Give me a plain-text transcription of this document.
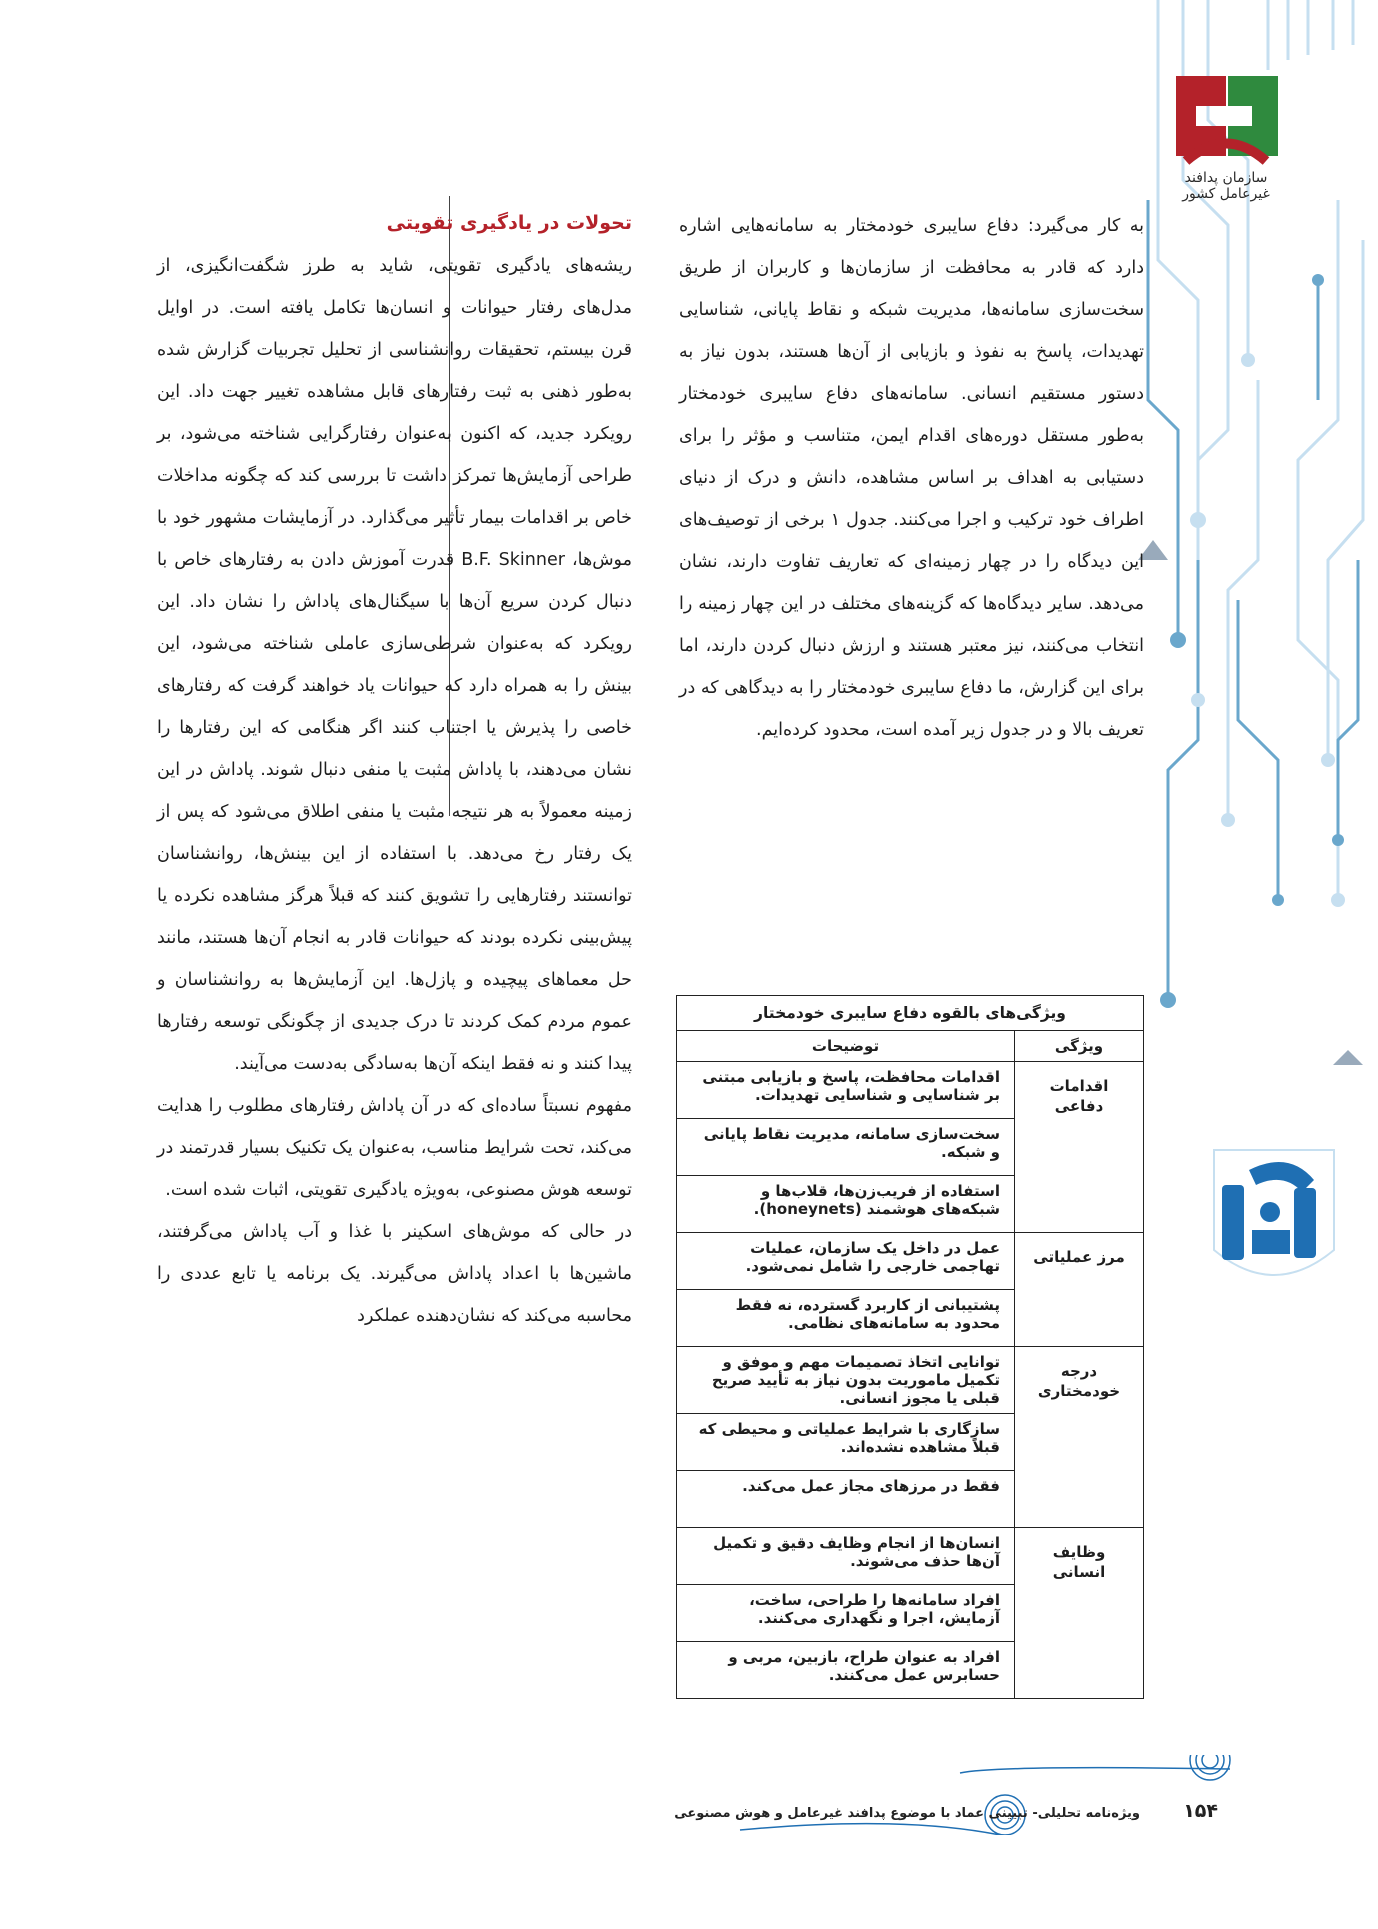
سازمان پدافند غیرعامل کشور

به کار می‌گیرد: دفاع سایبری خودمختار به سامانه‌هایی اشاره دارد که قادر به محافظت از سازمان‌ها و کاربران از طریق سخت‌سازی سامانه‌ها، مدیریت شبکه و نقاط پایانی، شناسایی تهدیدات، پاسخ به نفوذ و بازیابی از آن‌ها هستند، بدون نیاز به دستور مستقیم انسانی. سامانه‌های دفاع سایبری خودمختار به‌طور مستقل دوره‌های اقدام ایمن، متناسب و مؤثر را برای دستیابی به اهداف بر اساس مشاهده، دانش و درک از دنیای اطراف خود ترکیب و اجرا می‌کنند. جدول ۱ برخی از توصیف‌های این دیدگاه را در چهار زمینه‌ای که تعاریف تفاوت دارند، نشان می‌دهد. سایر دیدگاه‌ها که گزینه‌های مختلف در این چهار زمینه را انتخاب می‌کنند، نیز معتبر هستند و ارزش دنبال کردن دارند، اما برای این گزارش، ما دفاع سایبری خودمختار را به دیدگاهی که در تعریف بالا و در جدول زیر آمده است، محدود کرده‌ایم.

تحولات در یادگیری تقویتی

ریشه‌های یادگیری تقویتی، شاید به طرز شگفت‌انگیزی، از مدل‌های رفتار حیوانات و انسان‌ها تکامل یافته است. در اوایل قرن بیستم، تحقیقات روانشناسی از تحلیل تجربیات گزارش شده به‌طور ذهنی به ثبت رفتارهای قابل مشاهده تغییر جهت داد. این رویکرد جدید، که اکنون به‌عنوان رفتارگرایی شناخته می‌شود، بر طراحی آزمایش‌ها تمرکز داشت تا بررسی کند که چگونه مداخلات خاص بر اقدامات بیمار تأثیر می‌گذارد. در آزمایشات مشهور خود با موش‌ها، B.F. Skinner قدرت آموزش دادن به رفتارهای خاص با دنبال کردن سریع آن‌ها با سیگنال‌های پاداش را نشان داد. این رویکرد که به‌عنوان شرطی‌سازی عاملی شناخته می‌شود، این بینش را به همراه دارد که حیوانات یاد خواهند گرفت که رفتارهای خاصی را پذیرش یا اجتناب کنند اگر هنگامی که این رفتارها را نشان می‌دهند، با پاداش مثبت یا منفی دنبال شوند. پاداش در این زمینه معمولاً به هر نتیجه مثبت یا منفی اطلاق می‌شود که پس از یک رفتار رخ می‌دهد. با استفاده از این بینش‌ها، روانشناسان توانستند رفتارهایی را تشویق کنند که قبلاً هرگز مشاهده نکرده یا پیش‌بینی نکرده بودند که حیوانات قادر به انجام آن‌ها هستند، مانند حل معماهای پیچیده و پازل‌ها. این آزمایش‌ها به روانشناسان و عموم مردم کمک کردند تا درک جدیدی از چگونگی توسعه رفتارها پیدا کنند و نه فقط اینکه آن‌ها به‌سادگی به‌دست می‌آیند.

مفهوم نسبتاً ساده‌ای که در آن پاداش رفتارهای مطلوب را هدایت می‌کند، تحت شرایط مناسب، به‌عنوان یک تکنیک بسیار قدرتمند در توسعه هوش مصنوعی، به‌ویژه یادگیری تقویتی، اثبات شده است.

در حالی که موش‌های اسکینر با غذا و آب پاداش می‌گرفتند، ماشین‌ها با اعداد پاداش می‌گیرند. یک برنامه یا تابع عددی را محاسبه می‌کند که نشان‌دهنده عملکرد

ویژگی‌های بالقوه دفاع سایبری خودمختار	
ویژگی	توضیحات
اقدامات دفاعی	اقدامات محافظت، پاسخ و بازیابی مبتنی بر شناسایی و شناسایی تهدیدات.
	سخت‌سازی سامانه، مدیریت نقاط پایانی و شبکه.
	استفاده از فریب‌زن‌ها، قلاب‌ها و شبکه‌های هوشمند (honeynets).
مرز عملیاتی	عمل در داخل یک سازمان، عملیات تهاجمی خارجی را شامل نمی‌شود.
	پشتیبانی از کاربرد گسترده، نه فقط محدود به سامانه‌های نظامی.
درجه خودمختاری	توانایی اتخاذ تصمیمات مهم و موفق و تکمیل ماموریت بدون نیاز به تأیید صریح قبلی یا مجوز انسانی.
	سازگاری با شرایط عملیاتی و محیطی که قبلاً مشاهده نشده‌اند.
	فقط در مرزهای مجاز عمل می‌کند.
وظایف انسانی	انسان‌ها از انجام وظایف دقیق و تکمیل آن‌ها حذف می‌شوند.
	افراد سامانه‌ها را طراحی، ساخت، آزمایش، اجرا و نگهداری می‌کنند.
	افراد به عنوان طراح، بازبین، مربی و حسابرس عمل می‌کنند.
ویژه‌نامه تحلیلی- تبیینی عماد با موضوع پدافند غیرعامل و هوش مصنوعی ۱۵۴
